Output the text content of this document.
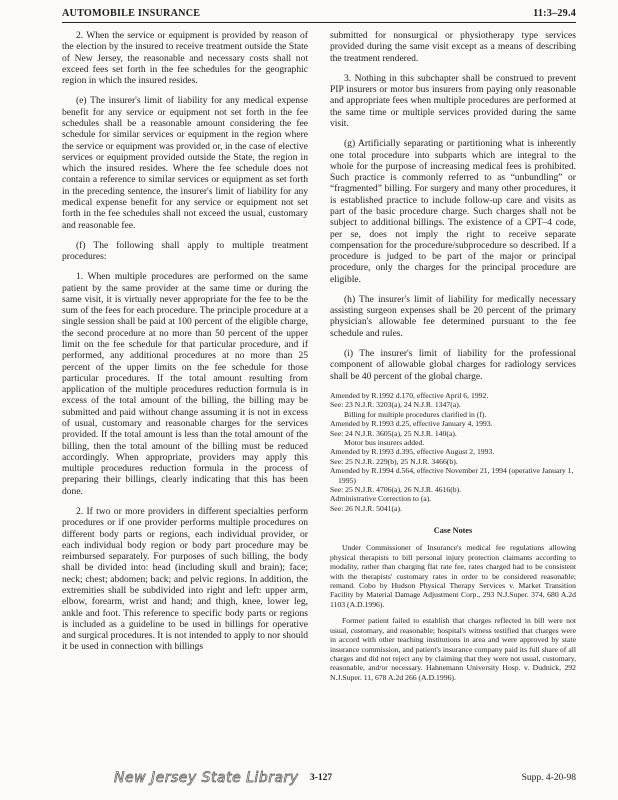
AUTOMOBILE INSURANCE	11:3–29.4

2. When the service or equipment is provided by reason of the election by the insured to receive treatment outside the State of New Jersey, the reasonable and necessary costs shall not exceed fees set forth in the fee schedules for the geographic region in which the insured resides.

(e) The insurer's limit of liability for any medical expense benefit for any service or equipment not set forth in the fee schedules shall be a reasonable amount considering the fee schedule for similar services or equipment in the region where the service or equipment was provided or, in the case of elective services or equipment provided outside the State, the region in which the insured resides. Where the fee schedule does not contain a reference to similar services or equipment as set forth in the preceding sentence, the insurer's limit of liability for any medical expense benefit for any service or equipment not set forth in the fee schedules shall not exceed the usual, customary and reasonable fee.

(f) The following shall apply to multiple treatment procedures:

1. When multiple procedures are performed on the same patient by the same provider at the same time or during the same visit, it is virtually never appropriate for the fee to be the sum of the fees for each procedure. The principle procedure at a single session shall be paid at 100 percent of the eligible charge, the second procedure at no more than 50 percent of the upper limit on the fee schedule for that particular procedure, and if performed, any additional procedures at no more than 25 percent of the upper limits on the fee schedule for those particular procedures. If the total amount resulting from application of the multiple procedures reduction formula is in excess of the total amount of the billing, the billing may be submitted and paid without change assuming it is not in excess of usual, customary and reasonable charges for the services provided. If the total amount is less than the total amount of the billing, then the total amount of the billing must be reduced accordingly. When appropriate, providers may apply this multiple procedures reduction formula in the process of preparing their billings, clearly indicating that this has been done.

2. If two or more providers in different specialties perform procedures or if one provider performs multiple procedures on different body parts or regions, each individual provider, or each individual body region or body part procedure may be reimbursed separately. For purposes of such billing, the body shall be divided into: head (including skull and brain); face; neck; chest; abdomen; back; and pelvic regions. In addition, the extremities shall be subdivided into right and left: upper arm, elbow, forearm, wrist and hand; and thigh, knee, lower leg, ankle and foot. This reference to specific body parts or regions is included as a guideline to be used in billings for operative and surgical procedures. It is not intended to apply to nor should it be used in connection with billings

submitted for nonsurgical or physiotherapy type services provided during the same visit except as a means of describing the treatment rendered.

3. Nothing in this subchapter shall be construed to prevent PIP insurers or motor bus insurers from paying only reasonable and appropriate fees when multiple procedures are performed at the same time or multiple services provided during the same visit.

(g) Artificially separating or partitioning what is inherently one total procedure into subparts which are integral to the whole for the purpose of increasing medical fees is prohibited. Such practice is commonly referred to as “unbundling” or “fragmented” billing. For surgery and many other procedures, it is established practice to include follow-up care and visits as part of the basic procedure charge. Such charges shall not be subject to additional billings. The existence of a CPT–4 code, per se, does not imply the right to receive separate compensation for the procedure/subprocedure so described. If a procedure is judged to be part of the major or principal procedure, only the charges for the principal procedure are eligible.

(h) The insurer's limit of liability for medically necessary assisting surgeon expenses shall be 20 percent of the primary physician's allowable fee determined pursuant to the fee schedule and rules.

(i) The insurer's limit of liability for the professional component of allowable global charges for radiology services shall be 40 percent of the global charge.

Amended by R.1992 d.170, effective April 6, 1992.
See: 23 N.J.R. 3203(a), 24 N.J.R. 1347(a).
Billing for multiple procedures clarified in (f).
Amended by R.1993 d.25, effective January 4, 1993.
See: 24 N.J.R. 3605(a), 25 N.J.R. 140(a).
Motor bus insurers added.
Amended by R.1993 d.395, effective August 2, 1993.
See: 25 N.J.R. 229(b), 25 N.J.R. 3466(b).
Amended by R.1994 d.564, effective November 21, 1994 (operative January 1, 1995)
See: 25 N.J.R. 4706(a), 26 N.J.R. 4616(b).
Administrative Correction to (a).
See: 26 N.J.R. 5041(a).
Case Notes

Under Commissioner of Insurance's medical fee regulations allowing physical therapists to bill personal injury protection claimants according to modality, rather than charging flat rate fee, rates charged had to be consistent with the therapists' customary rates in order to be considered reasonable; remand. Cobo by Hudson Physical Therapy Services v. Market Transition Facility by Material Damage Adjustment Corp., 293 N.J.Super. 374, 680 A.2d 1103 (A.D.1996).

Former patient failed to establish that charges reflected in bill were not usual, customary, and reasonable; hospital's witness testified that charges were in accord with other teaching institutions in area and were approved by state insurance commission, and patient's insurance company paid its full share of all charges and did not reject any by claiming that they were not usual, customary, reasonable, and/or necessary. Hahnemann University Hosp. v. Dudnick, 292 N.J.Super. 11, 678 A.2d 266 (A.D.1996).

New Jersey State Library 3-127	Supp. 4-20-98
